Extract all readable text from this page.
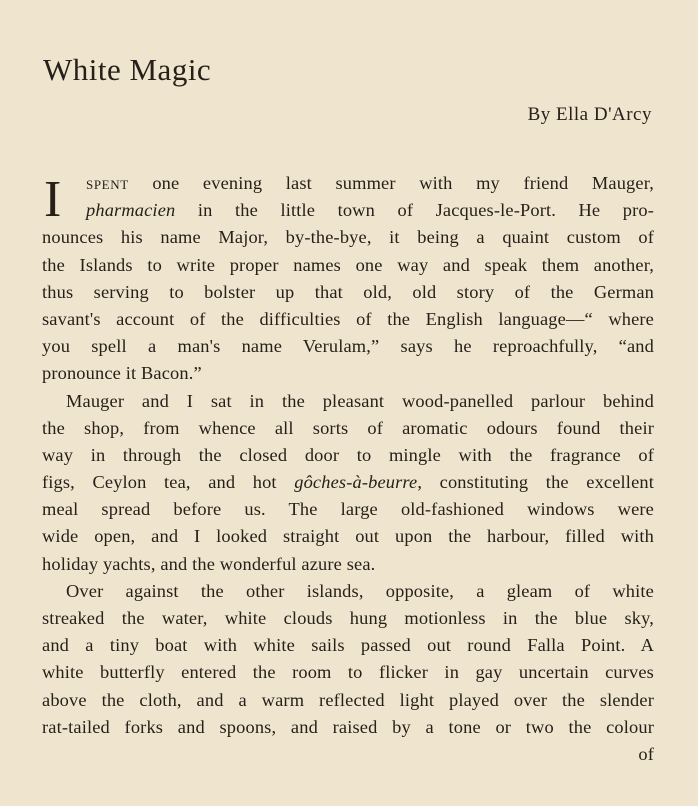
White Magic
By Ella D'Arcy
I	spent one evening last summer with my friend Mauger,
pharmacien in the little town of Jacques-le-Port. He pro-
nounces his name Major, by-the-bye, it being a quaint custom of
the Islands to write proper names one way and speak them another,
thus serving to bolster up that old, old story of the German
savant's account of the difficulties of the English language—“ where
you spell a man's name Verulam,” says he reproachfully, “and
pronounce it Bacon.”
Mauger and I sat in the pleasant wood-panelled parlour behind
the shop, from whence all sorts of aromatic odours found their
way in through the closed door to mingle with the fragrance of
figs, Ceylon tea, and hot gôches-à-beurre, constituting the excellent
meal spread before us. The large old-fashioned windows were
wide open, and I looked straight out upon the harbour, filled with
holiday yachts, and the wonderful azure sea.
Over against the other islands, opposite, a gleam of white
streaked the water, white clouds hung motionless in the blue sky,
and a tiny boat with white sails passed out round Falla Point. A
white butterfly entered the room to flicker in gay uncertain curves
above the cloth, and a warm reflected light played over the slender
rat-tailed forks and spoons, and raised by a tone or two the colour
of
